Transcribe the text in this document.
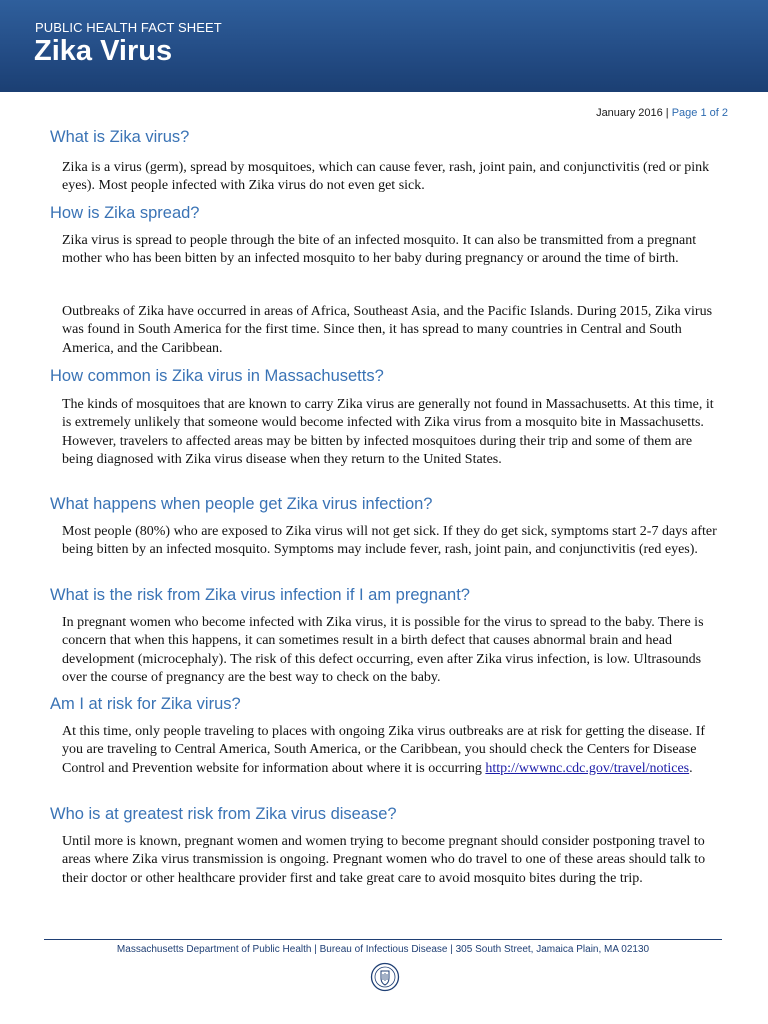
PUBLIC HEALTH FACT SHEET
Zika Virus
January 2016 | Page 1 of 2
What is Zika virus?
Zika is a virus (germ), spread by mosquitoes, which can cause fever, rash, joint pain, and conjunctivitis (red or pink eyes). Most people infected with Zika virus do not even get sick.
How is Zika spread?
Zika virus is spread to people through the bite of an infected mosquito. It can also be transmitted from a pregnant mother who has been bitten by an infected mosquito to her baby during pregnancy or around the time of birth.
Outbreaks of Zika have occurred in areas of Africa, Southeast Asia, and the Pacific Islands. During 2015, Zika virus was found in South America for the first time. Since then, it has spread to many countries in Central and South America, and the Caribbean.
How common is Zika virus in Massachusetts?
The kinds of mosquitoes that are known to carry Zika virus are generally not found in Massachusetts. At this time, it is extremely unlikely that someone would become infected with Zika virus from a mosquito bite in Massachusetts. However, travelers to affected areas may be bitten by infected mosquitoes during their trip and some of them are being diagnosed with Zika virus disease when they return to the United States.
What happens when people get Zika virus infection?
Most people (80%) who are exposed to Zika virus will not get sick. If they do get sick, symptoms start 2-7 days after being bitten by an infected mosquito. Symptoms may include fever, rash, joint pain, and conjunctivitis (red eyes).
What is the risk from Zika virus infection if I am pregnant?
In pregnant women who become infected with Zika virus, it is possible for the virus to spread to the baby. There is concern that when this happens, it can sometimes result in a birth defect that causes abnormal brain and head development (microcephaly). The risk of this defect occurring, even after Zika virus infection, is low. Ultrasounds over the course of pregnancy are the best way to check on the baby.
Am I at risk for Zika virus?
At this time, only people traveling to places with ongoing Zika virus outbreaks are at risk for getting the disease. If you are traveling to Central America, South America, or the Caribbean, you should check the Centers for Disease Control and Prevention website for information about where it is occurring http://wwwnc.cdc.gov/travel/notices.
Who is at greatest risk from Zika virus disease?
Until more is known, pregnant women and women trying to become pregnant should consider postponing travel to areas where Zika virus transmission is ongoing. Pregnant women who do travel to one of these areas should talk to their doctor or other healthcare provider first and take great care to avoid mosquito bites during the trip.
Massachusetts Department of Public Health | Bureau of Infectious Disease | 305 South Street, Jamaica Plain, MA 02130
